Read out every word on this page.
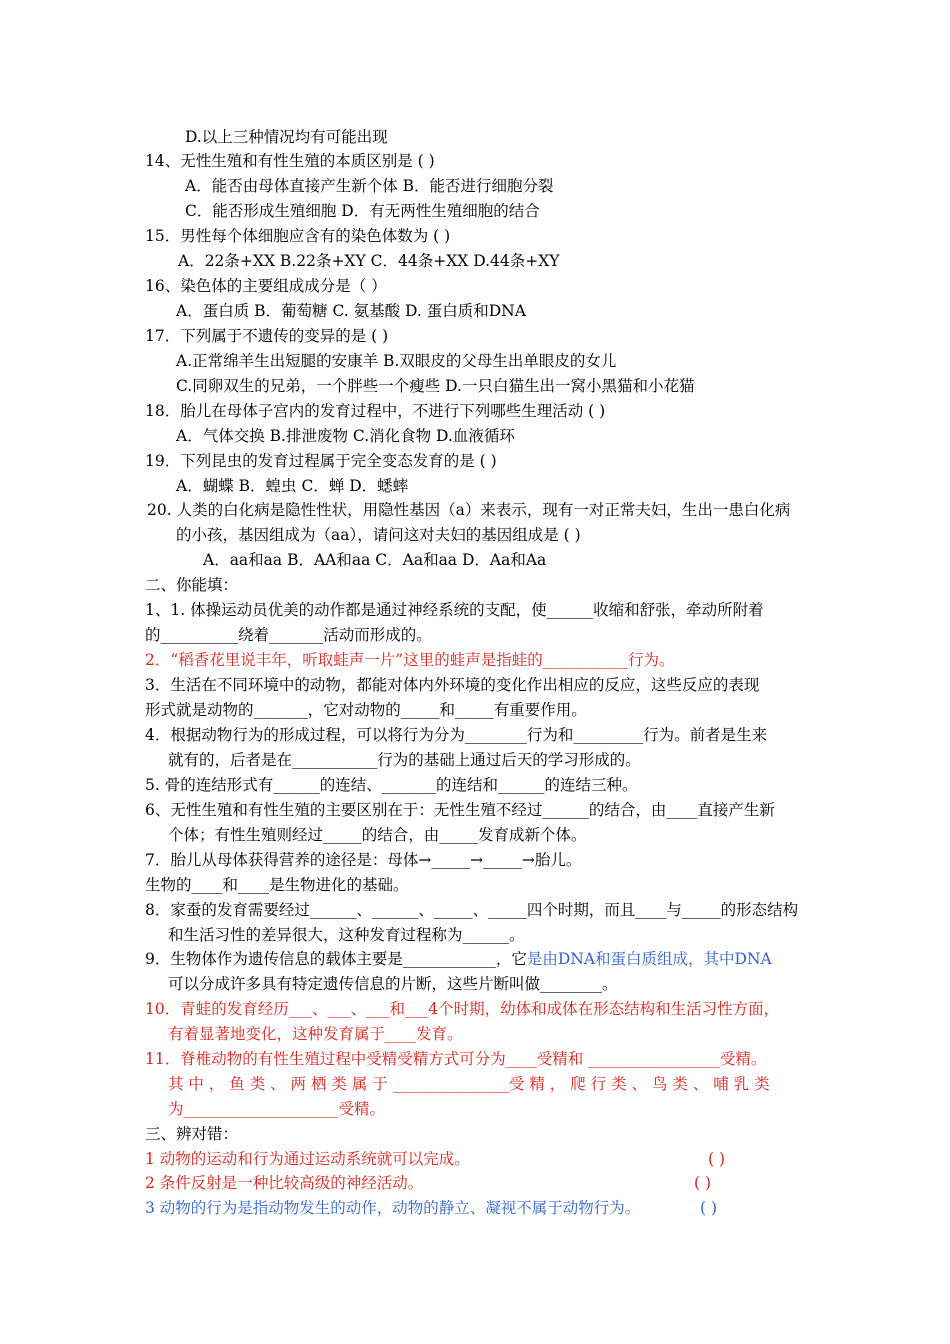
D.以上三种情况均有可能出现
14、无性生殖和有性生殖的本质区别是 ( )
A．能否由母体直接产生新个体 B．能否进行细胞分裂
C．能否形成生殖细胞 D．有无两性生殖细胞的结合
15．男性每个体细胞应含有的染色体数为 ( )
A．22条+XX B.22条+XY C．44条+XX D.44条+XY
16、染色体的主要组成成分是（ ）
A．蛋白质 B．葡萄糖 C. 氨基酸 D. 蛋白质和DNA
17．下列属于不遗传的变异的是 ( )
A.正常绵羊生出短腿的安康羊 B.双眼皮的父母生出单眼皮的女儿
C.同卵双生的兄弟，一个胖些一个瘦些 D.一只白猫生出一窝小黑猫和小花猫
18．胎儿在母体子宫内的发育过程中，不进行下列哪些生理活动 ( )
A．气体交换 B.排泄废物 C.消化食物 D.血液循环
19．下列昆虫的发育过程属于完全变态发育的是 ( )
A．蝴蝶 B．蝗虫 C．蝉 D．蟋蟀
20. 人类的白化病是隐性性状，用隐性基因（a）来表示，现有一对正常夫妇，生出一患白化病
的小孩，基因组成为（aa），请问这对夫妇的基因组成是 ( )
A．aa和aa B．AA和aa C．Aa和aa D．Aa和Aa
二、你能填：
1、1. 体操运动员优美的动作都是通过神经系统的支配，使______收缩和舒张，牵动所附着
的__________绕着_______活动而形成的。
2．“稻香花里说丰年，听取蛙声一片”这里的蛙声是指蛙的___________行为。
3．生活在不同环境中的动物，都能对体内外环境的变化作出相应的反应，这些反应的表现
形式就是动物的_______，它对动物的_____和_____有重要作用。
4．根据动物行为的形成过程，可以将行为分为________行为和_________行为。前者是生来
就有的，后者是在___________行为的基础上通过后天的学习形成的。
5. 骨的连结形式有______的连结、_______的连结和______的连结三种。
6、无性生殖和有性生殖的主要区别在于：无性生殖不经过______的结合，由____直接产生新
个体；有性生殖则经过_____的结合，由_____发育成新个体。
7．胎儿从母体获得营养的途径是：母体→_____→_____→胎儿。
生物的____和____是生物进化的基础。
8．家蚕的发育需要经过______、______、_____、_____四个时期，而且____与_____的形态结构
和生活习性的差异很大，这种发育过程称为______。
9．生物体作为遗传信息的载体主要是____________，它是由DNA和蛋白质组成，其中DNA
可以分成许多具有特定遗传信息的片断，这些片断叫做________。
10．青蛙的发育经历___、___、___和___4个时期，幼体和成体在形态结构和生活习性方面，
有着显著地变化，这种发育属于____发育。
11．脊椎动物的有性生殖过程中受精受精方式可分为____受精和 _________________受精。
其 中 ， 鱼 类 、 两 栖 类 属 于 _______________受 精 ， 爬 行 类 、 鸟 类 、 哺 乳 类
为____________________受精。
三、辨对错：
1 动物的运动和行为通过运动系统就可以完成。	( )
2 条件反射是一种比较高级的神经活动。	( )
3 动物的行为是指动物发生的动作，动物的静立、凝视不属于动物行为。	( )
